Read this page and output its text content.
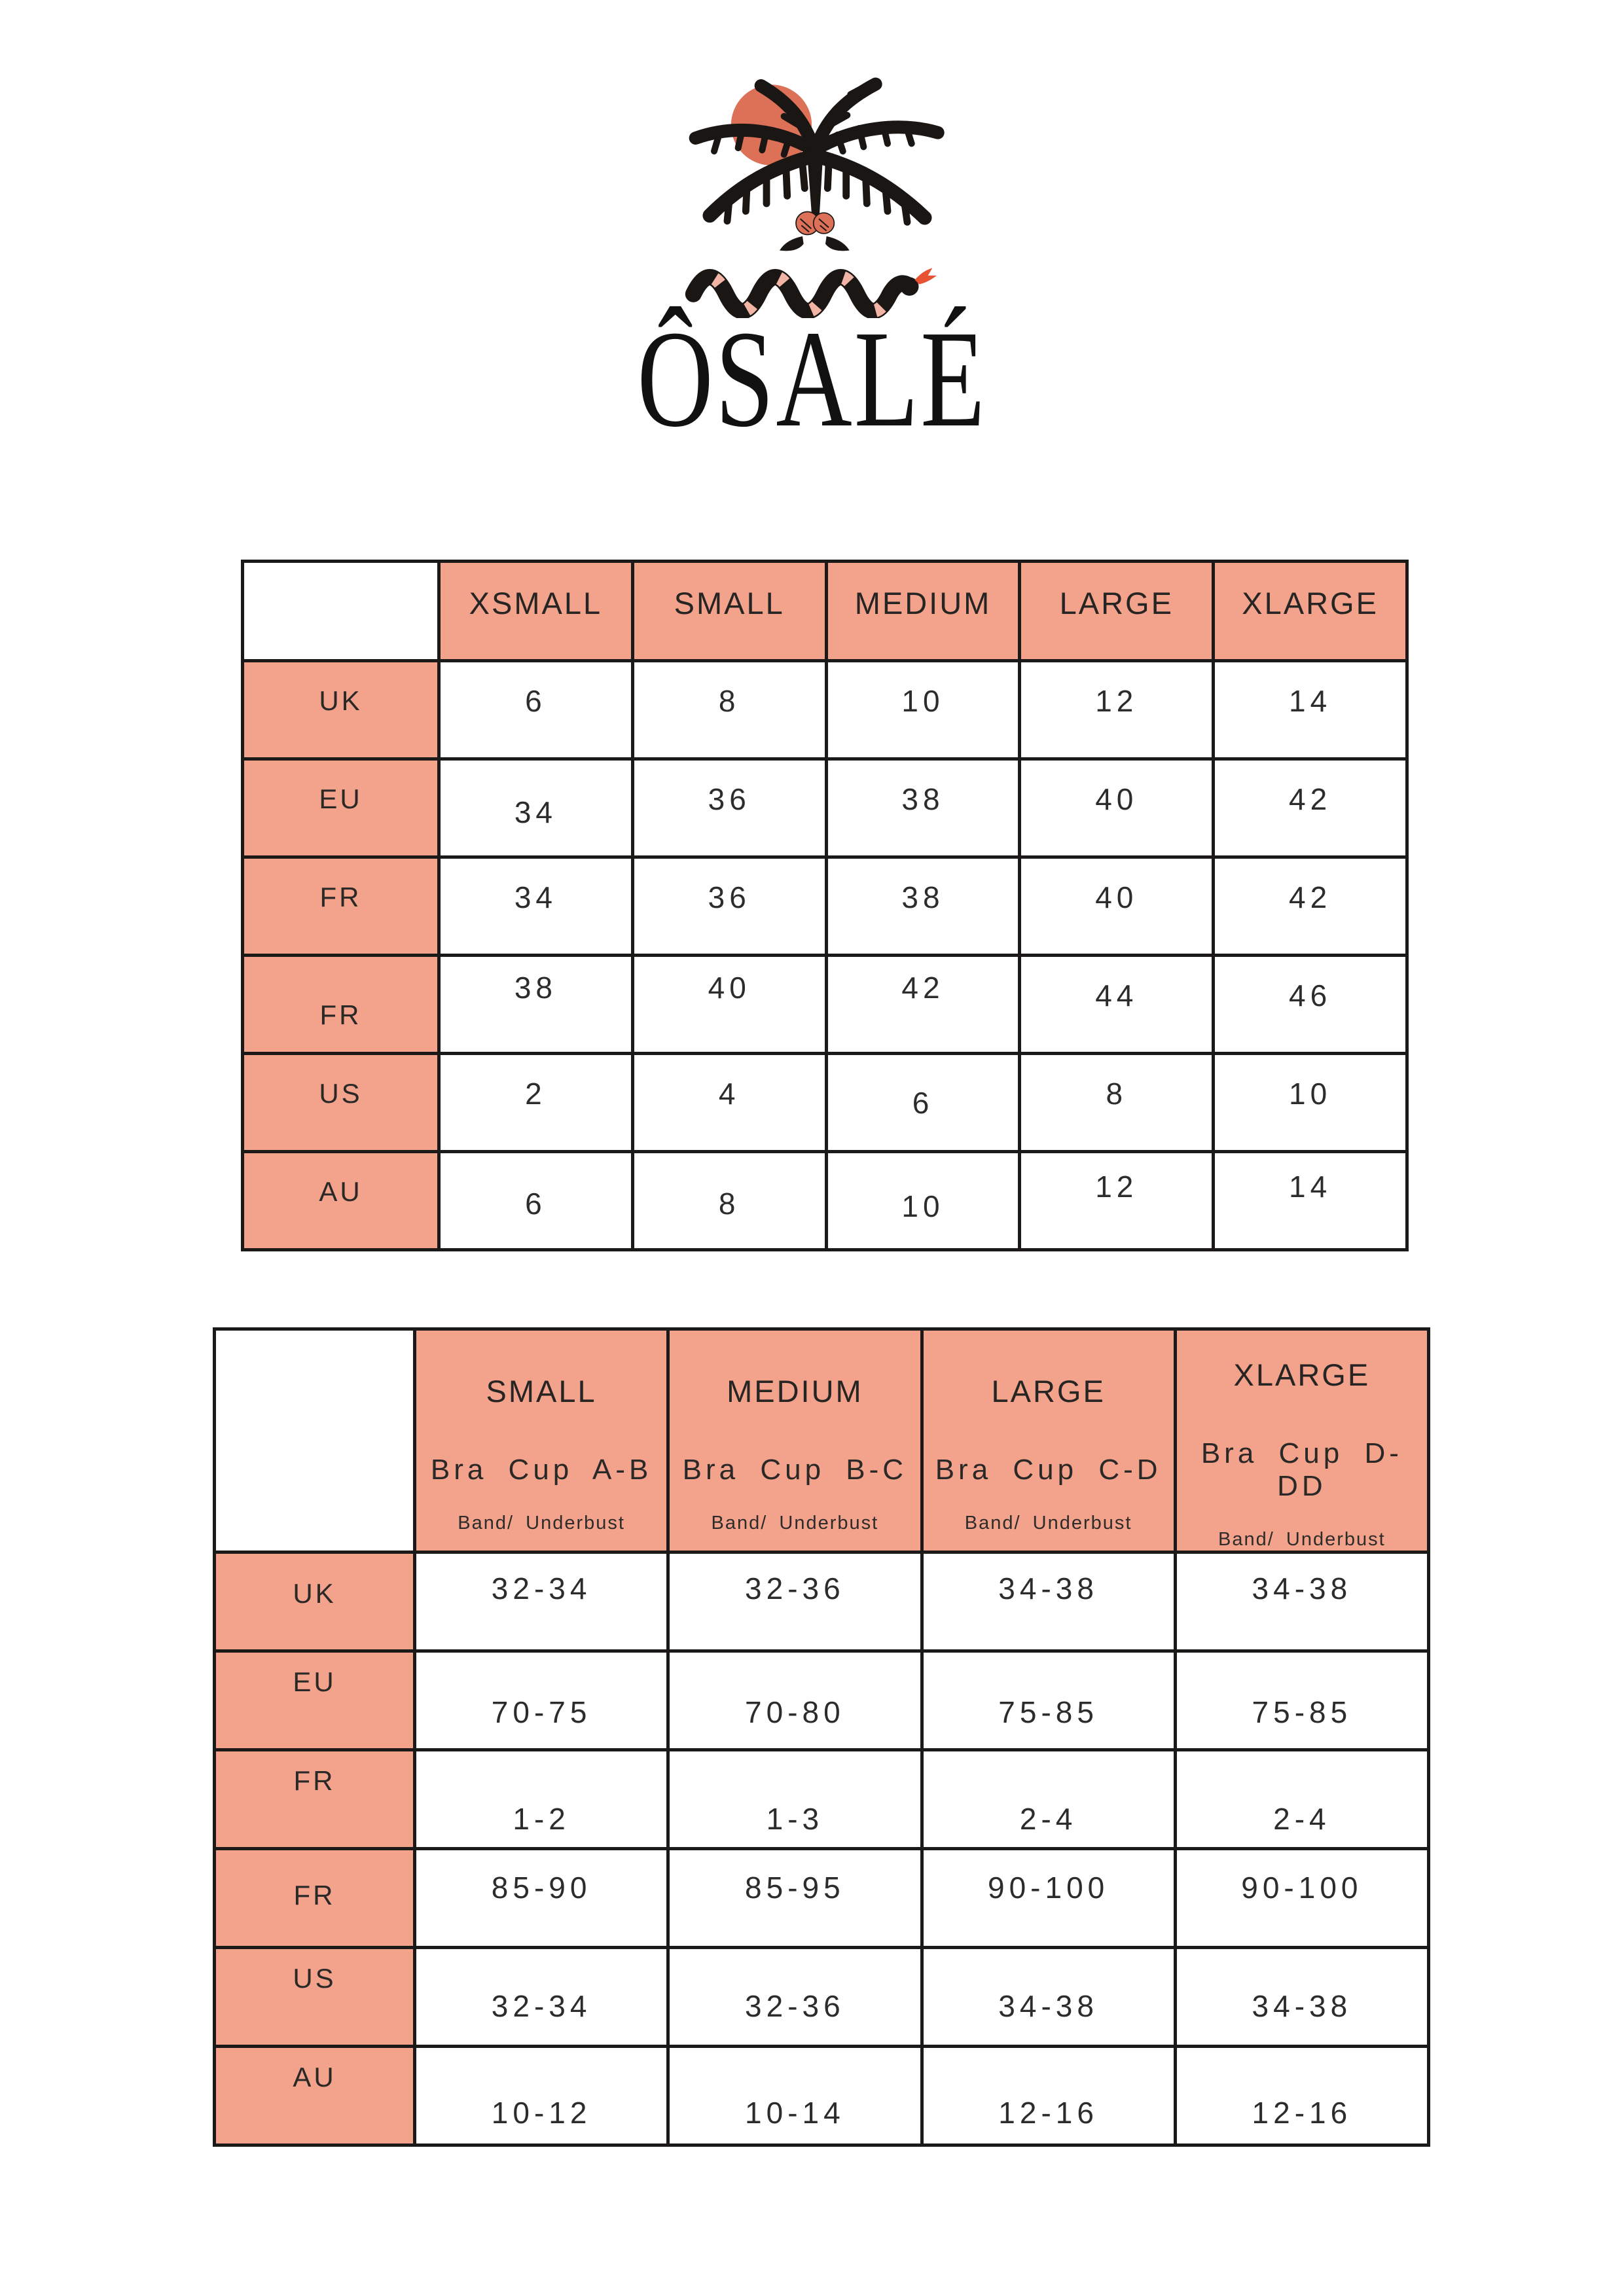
ÔSALÉ
	XSMALL	SMALL	MEDIUM	LARGE	XLARGE
UK	6	8	10	12	14
EU	34	36	38	40	42
FR	34	36	38	40	42
FR	38	40	42	44	46
US	2	4	6	8	10
AU	6	8	10	12	14

	SMALL
Bra Cup A-B
Band/ Underbust	MEDIUM
Bra Cup B-C
Band/ Underbust	LARGE
Bra Cup C-D
Band/ Underbust	XLARGE
Bra Cup D-DD
Band/ Underbust

UK	32-34	32-36	34-38	34-38
EU	70-75	70-80	75-85	75-85
FR	1-2	1-3	2-4	2-4
FR	85-90	85-95	90-100	90-100
US	32-34	32-36	34-38	34-38
AU	10-12	10-14	12-16	12-16
